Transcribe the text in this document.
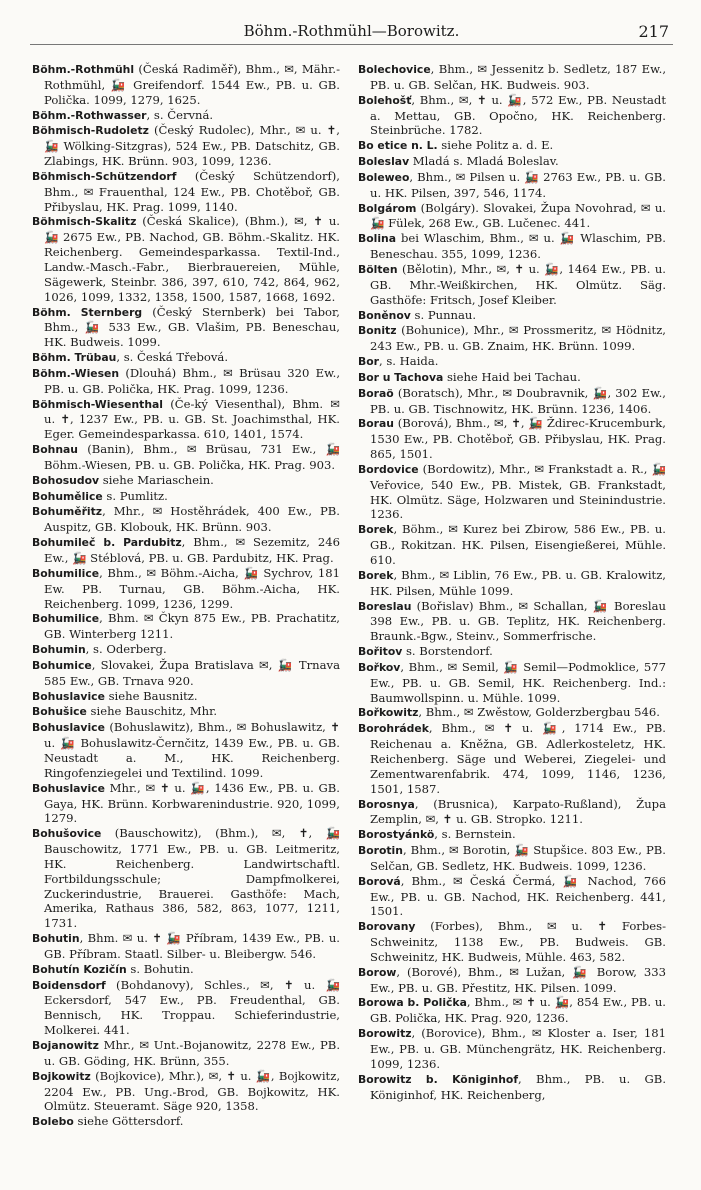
Böhm.-Rothmühl—Borowitz.	217

Böhm.-Rothmühl (Česká Radiměř), Bhm., ✉, Mähr.-Rothmühl, 🚂 Greifendorf. 1544 Ew., PB. u. GB. Polička. 1099, 1279, 1625.

Böhm.-Rothwasser, s. Červná.

Böhmisch-Rudoletz (Český Rudolec), Mhr., ✉ u. ✝, 🚂 Wölking-Sitzgras), 524 Ew., PB. Datschitz, GB. Zlabings, HK. Brünn. 903, 1099, 1236.

Böhmisch-Schützendorf (Český Schützendorf), Bhm., ✉ Frauenthal, 124 Ew., PB. Chotěboř, GB. Přibyslau, HK. Prag. 1099, 1140.

Böhmisch-Skalitz (Česká Skalice), (Bhm.), ✉, ✝ u. 🚂 2675 Ew., PB. Nachod, GB. Böhm.-Skalitz. HK. Reichenberg. Gemeindesparkassa. Textil-Ind., Landw.-Masch.-Fabr., Bierbrauereien, Mühle, Sägewerk, Steinbr. 386, 397, 610, 742, 864, 962, 1026, 1099, 1332, 1358, 1500, 1587, 1668, 1692.

Böhm. Sternberg (Český Sternberk) bei Tabor, Bhm., 🚂 533 Ew., GB. Vlašim, PB. Beneschau, HK. Budweis. 1099.

Böhm. Trübau, s. Česká Třebová.

Böhm.-Wiesen (Dlouhá) Bhm., ✉ Brüsau 320 Ew., PB. u. GB. Polička, HK. Prag. 1099, 1236.

Böhmisch-Wiesenthal (Če-ký Viesenthal), Bhm. ✉ u. ✝, 1237 Ew., PB. u. GB. St. Joachimsthal, HK. Eger. Gemeindesparkassa. 610, 1401, 1574.

Bohnau (Banin), Bhm., ✉ Brüsau, 731 Ew., 🚂 Böhm.-Wiesen, PB. u. GB. Polička, HK. Prag. 903.

Bohosudov siehe Mariaschein.

Bohumělice s. Pumlitz.

Bohuměřitz, Mhr., ✉ Hostěhrádek, 400 Ew., PB. Auspitz, GB. Klobouk, HK. Brünn. 903.

Bohumileč b. Pardubitz, Bhm., ✉ Sezemitz, 246 Ew., 🚂 Stéblová, PB. u. GB. Pardubitz, HK. Prag.

Bohumilice, Bhm., ✉ Böhm.-Aicha, 🚂 Sychrov, 181 Ew. PB. Turnau, GB. Böhm.-Aicha, HK. Reichenberg. 1099, 1236, 1299.

Bohumilice, Bhm. ✉ Čkyn 875 Ew., PB. Prachatitz, GB. Winterberg 1211.

Bohumin, s. Oderberg.

Bohumice, Slovakei, Župa Bratislava ✉, 🚂 Trnava 585 Ew., GB. Trnava 920.

Bohuslavice siehe Bausnitz.

Bohušice siehe Bauschitz, Mhr.

Bohuslavice (Bohuslawitz), Bhm., ✉ Bohuslawitz, ✝ u. 🚂 Bohuslawitz-Černčitz, 1439 Ew., PB. u. GB. Neustadt a. M., HK. Reichenberg. Ringofenziegelei und Textilind. 1099.

Bohuslavice Mhr., ✉ ✝ u. 🚂, 1436 Ew., PB. u. GB. Gaya, HK. Brünn. Korbwarenindustrie. 920, 1099, 1279.

Bohušovice (Bauschowitz), (Bhm.), ✉, ✝, 🚂 Bauschowitz, 1771 Ew., PB. u. GB. Leitmeritz, HK. Reichenberg. Landwirtschaftl. Fortbildungsschule; Dampfmolkerei, Zuckerindustrie, Brauerei. Gasthöfe: Mach, Amerika, Rathaus 386, 582, 863, 1077, 1211, 1731.

Bohutin, Bhm. ✉ u. ✝ 🚂 Příbram, 1439 Ew., PB. u. GB. Příbram. Staatl. Silber- u. Bleibergw. 546.

Bohutín Kozičín s. Bohutin.

Boidensdorf (Bohdanovy), Schles., ✉, ✝ u. 🚂 Eckersdorf, 547 Ew., PB. Freudenthal, GB. Bennisch, HK. Troppau. Schieferindustrie, Molkerei. 441.

Bojanowitz Mhr., ✉ Unt.-Bojanowitz, 2278 Ew., PB. u. GB. Göding, HK. Brünn, 355.

Bojkowitz (Bojkovice), Mhr.), ✉, ✝ u. 🚂, Bojkowitz, 2204 Ew., PB. Ung.-Brod, GB. Bojkowitz, HK. Olmütz. Steueramt. Säge 920, 1358.

Bolebo siehe Göttersdorf.

Bolechovice, Bhm., ✉ Jessenitz b. Sedletz, 187 Ew., PB. u. GB. Selčan, HK. Budweis. 903.

Bolehošť, Bhm., ✉, ✝ u. 🚂, 572 Ew., PB. Neustadt a. Mettau, GB. Opočno, HK. Reichenberg. Steinbrüche. 1782.

Bo etice n. L. siehe Politz a. d. E.

Boleslav Mladá s. Mladá Boleslav.

Boleweo, Bhm., ✉ Pilsen u. 🚂 2763 Ew., PB. u. GB. u. HK. Pilsen, 397, 546, 1174.

Bolgárom (Bolgáry). Slovakei, Župa Novohrad, ✉ u. 🚂 Fülek, 268 Ew., GB. Lučenec. 441.

Bolina bei Wlaschim, Bhm., ✉ u. 🚂 Wlaschim, PB. Beneschau. 355, 1099, 1236.

Bölten (Bělotin), Mhr., ✉, ✝ u. 🚂, 1464 Ew., PB. u. GB. Mhr.-Weißkirchen, HK. Olmütz. Säg. Gasthöfe: Fritsch, Josef Kleiber.

Boněnov s. Punnau.

Bonitz (Bohunice), Mhr., ✉ Prossmeritz, ✉ Hödnitz, 243 Ew., PB. u. GB. Znaim, HK. Brünn. 1099.

Bor, s. Haida.

Bor u Tachova siehe Haid bei Tachau.

Boraö (Boratsch), Mhr., ✉ Doubravnik, 🚂, 302 Ew., PB. u. GB. Tischnowitz, HK. Brünn. 1236, 1406.

Borau (Borová), Bhm., ✉, ✝, 🚂 Ždirec-Krucemburk, 1530 Ew., PB. Chotěboř, GB. Přibyslau, HK. Prag. 865, 1501.

Bordovice (Bordowitz), Mhr., ✉ Frankstadt a. R., 🚂 Veřovice, 540 Ew., PB. Mistek, GB. Frankstadt, HK. Olmütz. Säge, Holzwaren und Steinindustrie. 1236.

Borek, Böhm., ✉ Kurez bei Zbirow, 586 Ew., PB. u. GB., Rokitzan. HK. Pilsen, Eisengießerei, Mühle. 610.

Borek, Bhm., ✉ Liblin, 76 Ew., PB. u. GB. Kralowitz, HK. Pilsen, Mühle 1099.

Boreslau (Bořislav) Bhm., ✉ Schallan, 🚂 Boreslau 398 Ew., PB. u. GB. Teplitz, HK. Reichenberg. Braunk.-Bgw., Steinv., Sommerfrische.

Bořitov s. Borstendorf.

Bořkov, Bhm., ✉ Semil, 🚂 Semil—Podmoklice, 577 Ew., PB. u. GB. Semil, HK. Reichenberg. Ind.: Baumwollspinn. u. Mühle. 1099.

Bořkowitz, Bhm., ✉ Zwěstow, Golderzbergbau 546.

Borohrádek, Bhm., ✉ ✝ u. 🚂, 1714 Ew., PB. Reichenau a. Kněžna, GB. Adlerkosteletz, HK. Reichenberg. Säge und Weberei, Ziegelei- und Zementwarenfabrik. 474, 1099, 1146, 1236, 1501, 1587.

Borosnya, (Brusnica), Karpato-Rußland), Župa Zemplin, ✉, ✝ u. GB. Stropko. 1211.

Borostyánkö, s. Bernstein.

Borotin, Bhm., ✉ Borotin, 🚂 Stupšice. 803 Ew., PB. Selčan, GB. Sedletz, HK. Budweis. 1099, 1236.

Borová, Bhm., ✉ Česká Čermá, 🚂 Nachod, 766 Ew., PB. u. GB. Nachod, HK. Reichenberg. 441, 1501.

Borovany (Forbes), Bhm., ✉ u. ✝ Forbes-Schweinitz, 1138 Ew., PB. Budweis. GB. Schweinitz, HK. Budweis, Mühle. 463, 582.

Borow, (Borové), Bhm., ✉ Lužan, 🚂 Borow, 333 Ew., PB. u. GB. Přestitz, HK. Pilsen. 1099.

Borowa b. Polička, Bhm., ✉ ✝ u. 🚂, 854 Ew., PB. u. GB. Polička, HK. Prag. 920, 1236.

Borowitz, (Borovice), Bhm., ✉ Kloster a. Iser, 181 Ew., PB. u. GB. Münchengrätz, HK. Reichenberg. 1099, 1236.

Borowitz b. Königinhof, Bhm., PB. u. GB. Königinhof, HK. Reichenberg,
